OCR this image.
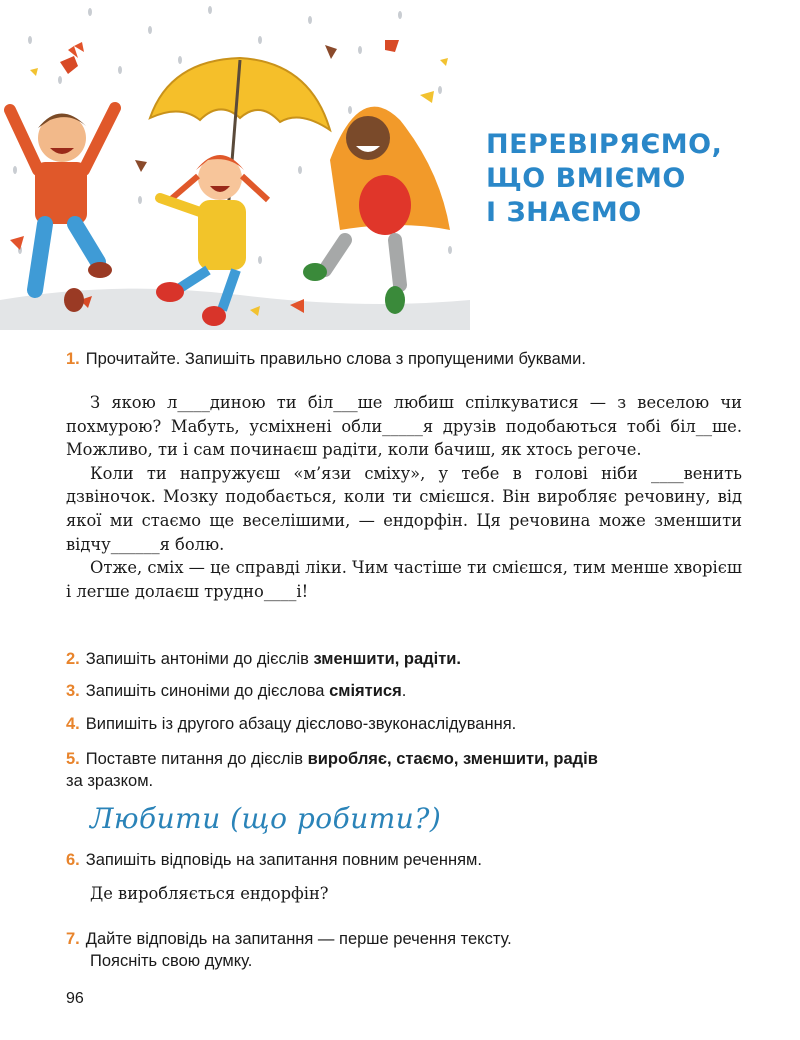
ПЕРЕВІРЯЄМО,
ЩО ВМІЄМО
І ЗНАЄМО
1. Прочитайте. Запишіть правильно слова з пропущеними буквами.

З якою л____диною ти біл___ше любиш спілкуватися — з веселою чи похмурою? Мабуть, усміхнені обли_____я друзів подобаються тобі біл__ше. Можливо, ти і сам починаєш радіти, коли бачиш, як хтось регоче.

Коли ти напружуєш «м’язи сміху», у тебе в голові ніби ____венить дзвіночок. Мозку подобається, коли ти смієшся. Він виробляє речовину, від якої ми стаємо ще веселішими, — ендорфін. Ця речовина може зменшити відчу______я болю.

Отже, сміх — це справді ліки. Чим частіше ти смієшся, тим менше хворієш і легше долаєш трудно____і!

2. Запишіть антоніми до дієслів зменшити, радіти.
3. Запишіть синоніми до дієслова сміятися.
4. Випишіть із другого абзацу дієслово-звуконаслідування.
5. Поставте питання до дієслів виробляє, стаємо, зменшити, радів
за зразком.
Любити (що робити?)
6. Запишіть відповідь на запитання повним реченням.
Де виробляється ендорфін?
7. Дайте відповідь на запитання — перше речення тексту.
Поясніть свою думку.
96
